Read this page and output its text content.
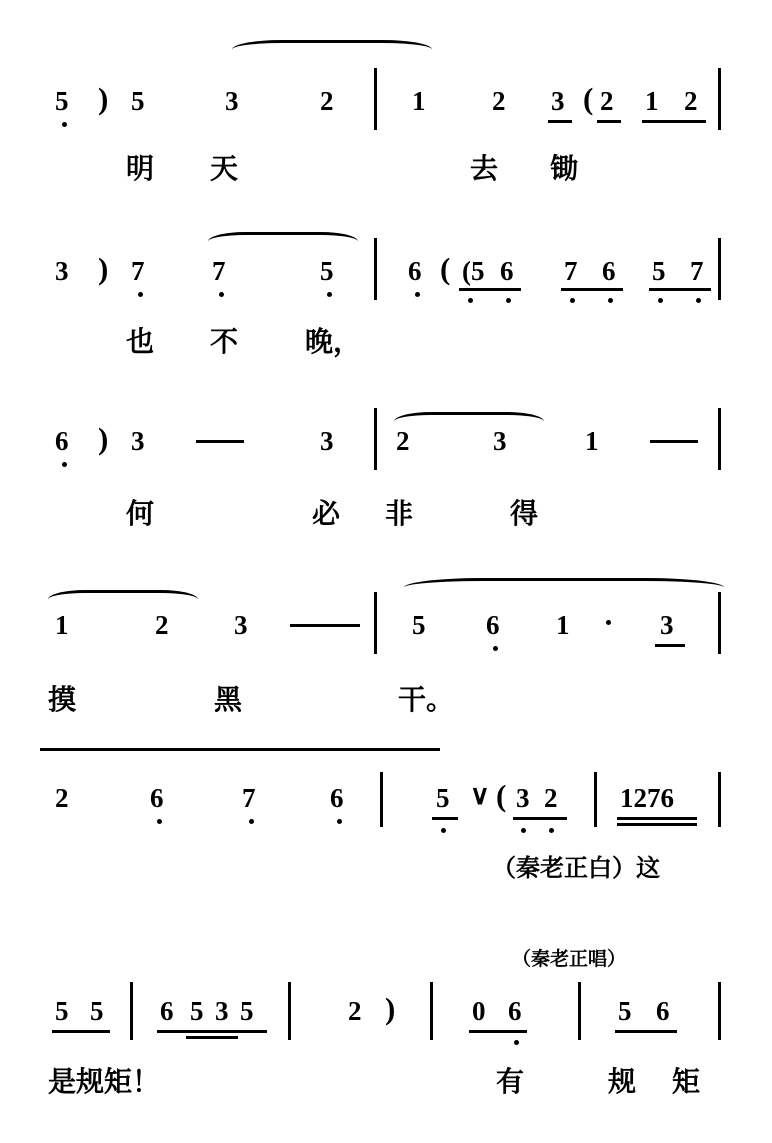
5 ) 5	3	2	1 2 3 ( 2 1 2
明 天	去 锄
3 ) 7	7	5	6 ( (5 6 7 6 5 7
也 不 晚，
6 ) 3	3 2	3	1
何	必 非	得
1	2 3	5 6 1	3
摸	黑	干。
2	6	7	6	5 ∨ ( 3 2 1276
（秦老正白）这
（秦老正唱）
5 5 6 5 3 5	2 )	0 6	5 6
是规矩！	有	规 矩
